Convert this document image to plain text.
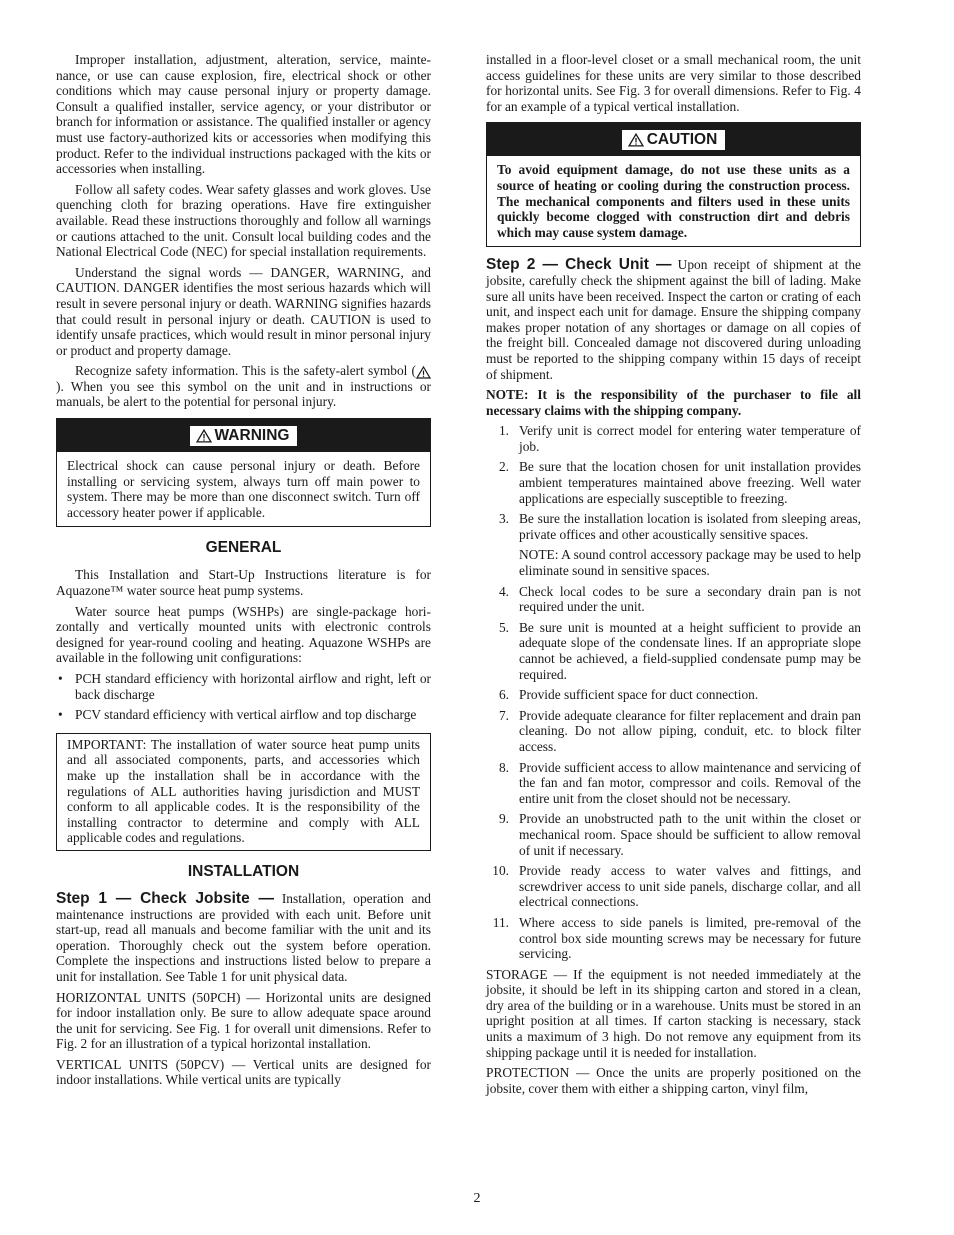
Improper installation, adjustment, alteration, service, maintenance, or use can cause explosion, fire, electrical shock or other conditions which may cause personal injury or property damage. Consult a qualified installer, service agency, or your distributor or branch for information or assistance. The qualified installer or agency must use factory-authorized kits or accessories when modifying this product. Refer to the individual instructions packaged with the kits or accessories when installing.

Follow all safety codes. Wear safety glasses and work gloves. Use quenching cloth for brazing operations. Have fire extinguisher available. Read these instructions thoroughly and follow all warnings or cautions attached to the unit. Consult local building codes and the National Electrical Code (NEC) for special installation requirements.

Understand the signal words — DANGER, WARNING, and CAUTION. DANGER identifies the most serious hazards which will result in severe personal injury or death. WARNING signifies hazards that could result in personal injury or death. CAUTION is used to identify unsafe practices, which would result in minor personal injury or product and property damage.

Recognize safety information. This is the safety-alert symbol (). When you see this symbol on the unit and in instructions or manuals, be alert to the potential for personal injury.

WARNING

Electrical shock can cause personal injury or death. Before installing or servicing system, always turn off main power to system. There may be more than one disconnect switch. Turn off accessory heater power if applicable.

GENERAL

This Installation and Start-Up Instructions literature is for Aquazone™ water source heat pump systems.

Water source heat pumps (WSHPs) are single-package horizontally and vertically mounted units with electronic controls designed for year-round cooling and heating. Aquazone WSHPs are available in the following unit configurations:

• PCH standard efficiency with horizontal airflow and right, left or back discharge
• PCV standard efficiency with vertical airflow and top discharge

IMPORTANT: The installation of water source heat pump units and all associated components, parts, and accessories which make up the installation shall be in accordance with the regulations of ALL authorities having jurisdiction and MUST conform to all applicable codes. It is the responsibility of the installing contractor to determine and comply with ALL applicable codes and regulations.

INSTALLATION

Step 1 — Check Jobsite — Installation, operation and maintenance instructions are provided with each unit. Before unit start-up, read all manuals and become familiar with the unit and its operation. Thoroughly check out the system before operation. Complete the inspections and instructions listed below to prepare a unit for installation. See Table 1 for unit physical data.

HORIZONTAL UNITS (50PCH) — Horizontal units are designed for indoor installation only. Be sure to allow adequate space around the unit for servicing. See Fig. 1 for overall unit dimensions. Refer to Fig. 2 for an illustration of a typical horizontal installation.

VERTICAL UNITS (50PCV) — Vertical units are designed for indoor installations. While vertical units are typically

installed in a floor-level closet or a small mechanical room, the unit access guidelines for these units are very similar to those described for horizontal units. See Fig. 3 for overall dimensions. Refer to Fig. 4 for an example of a typical vertical installation.

CAUTION

To avoid equipment damage, do not use these units as a source of heating or cooling during the construction process. The mechanical components and filters used in these units quickly become clogged with construction dirt and debris which may cause system damage.

Step 2 — Check Unit — Upon receipt of shipment at the jobsite, carefully check the shipment against the bill of lading. Make sure all units have been received. Inspect the carton or crating of each unit, and inspect each unit for damage. Ensure the shipping company makes proper notation of any shortages or damage on all copies of the freight bill. Concealed damage not discovered during unloading must be reported to the shipping company within 15 days of receipt of shipment.

NOTE: It is the responsibility of the purchaser to file all necessary claims with the shipping company.

1. Verify unit is correct model for entering water temperature of job.
2. Be sure that the location chosen for unit installation provides ambient temperatures maintained above freezing. Well water applications are especially susceptible to freezing.
3. Be sure the installation location is isolated from sleeping areas, private offices and other acoustically sensitive spaces.

NOTE: A sound control accessory package may be used to help eliminate sound in sensitive spaces.

4. Check local codes to be sure a secondary drain pan is not required under the unit.
5. Be sure unit is mounted at a height sufficient to provide an adequate slope of the condensate lines. If an appropriate slope cannot be achieved, a field-supplied condensate pump may be required.
6. Provide sufficient space for duct connection.
7. Provide adequate clearance for filter replacement and drain pan cleaning. Do not allow piping, conduit, etc. to block filter access.
8. Provide sufficient access to allow maintenance and servicing of the fan and fan motor, compressor and coils. Removal of the entire unit from the closet should not be necessary.
9. Provide an unobstructed path to the unit within the closet or mechanical room. Space should be sufficient to allow removal of unit if necessary.
10. Provide ready access to water valves and fittings, and screwdriver access to unit side panels, discharge collar, and all electrical connections.
11. Where access to side panels is limited, pre-removal of the control box side mounting screws may be necessary for future servicing.

STORAGE — If the equipment is not needed immediately at the jobsite, it should be left in its shipping carton and stored in a clean, dry area of the building or in a warehouse. Units must be stored in an upright position at all times. If carton stacking is necessary, stack units a maximum of 3 high. Do not remove any equipment from its shipping package until it is needed for installation.

PROTECTION — Once the units are properly positioned on the jobsite, cover them with either a shipping carton, vinyl film,

2
